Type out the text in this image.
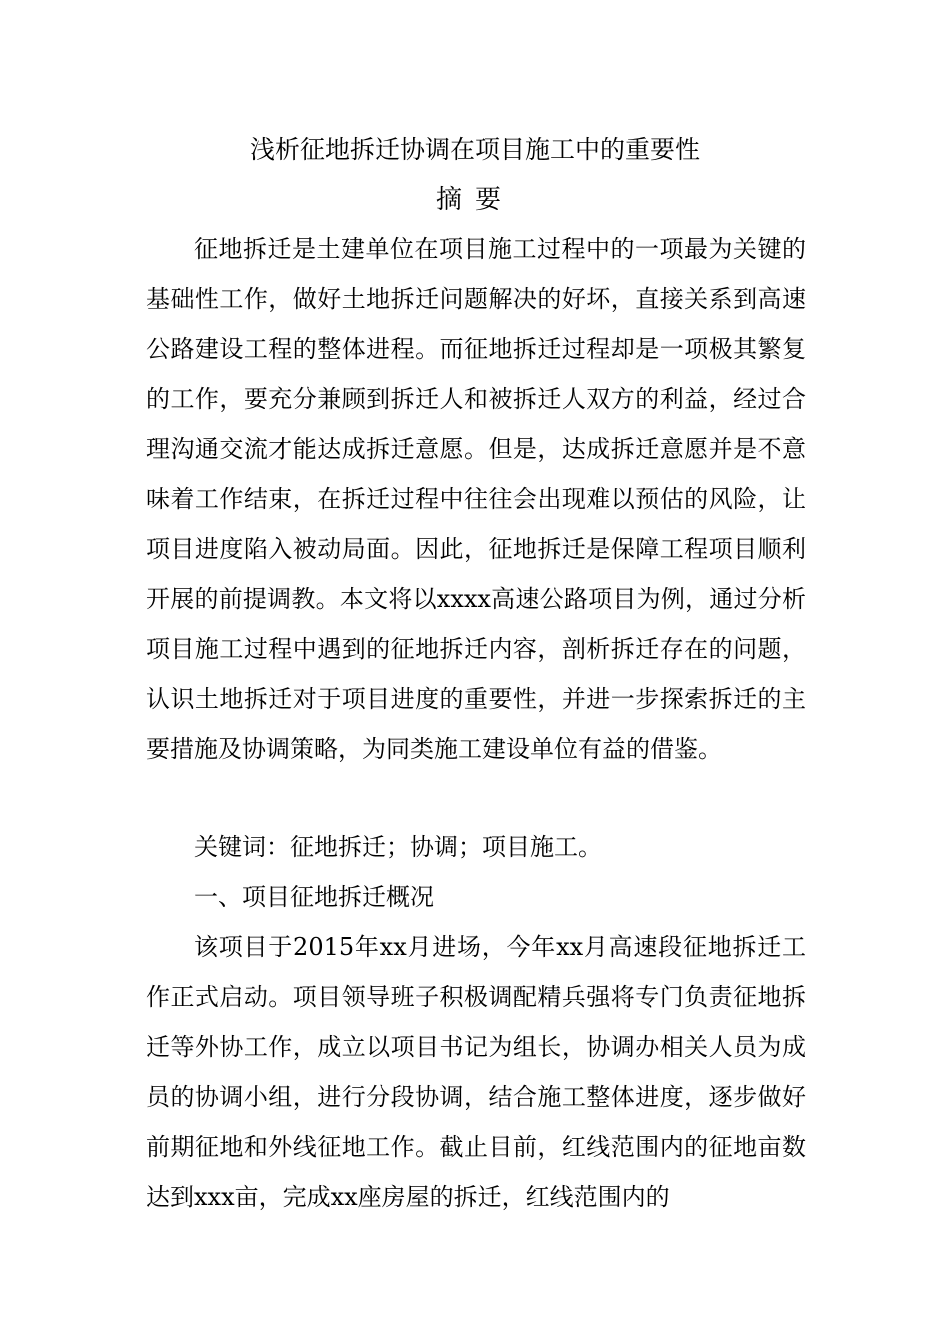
浅析征地拆迁协调在项目施工中的重要性
摘要

征地拆迁是土建单位在项目施工过程中的一项最为关键的基础性工作，做好土地拆迁问题解决的好坏，直接关系到高速公路建设工程的整体进程。而征地拆迁过程却是一项极其繁复的工作，要充分兼顾到拆迁人和被拆迁人双方的利益，经过合理沟通交流才能达成拆迁意愿。但是，达成拆迁意愿并是不意味着工作结束，在拆迁过程中往往会出现难以预估的风险，让项目进度陷入被动局面。因此，征地拆迁是保障工程项目顺利开展的前提调教。本文将以xxxx高速公路项目为例，通过分析项目施工过程中遇到的征地拆迁内容，剖析拆迁存在的问题，认识土地拆迁对于项目进度的重要性，并进一步探索拆迁的主要措施及协调策略，为同类施工建设单位有益的借鉴。

关键词：征地拆迁；协调；项目施工。

一、项目征地拆迁概况

该项目于2015年xx月进场，今年xx月高速段征地拆迁工作正式启动。项目领导班子积极调配精兵强将专门负责征地拆迁等外协工作，成立以项目书记为组长，协调办相关人员为成员的协调小组，进行分段协调，结合施工整体进度，逐步做好前期征地和外线征地工作。截止目前，红线范围内的征地亩数达到xxx亩，完成xx座房屋的拆迁，红线范围内的
